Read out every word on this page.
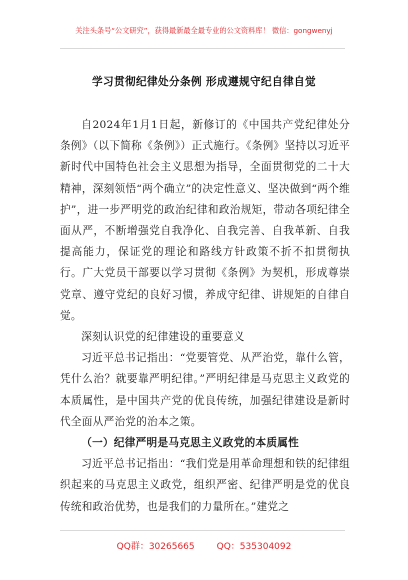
关注头条号“公文研究”，获得最新最全最专业的公文资料库！ 微信：gongwenyj
学习贯彻纪律处分条例 形成遵规守纪自律自觉

自2024年1月1日起，新修订的《中国共产党纪律处分条例》（以下简称《条例》）正式施行。《条例》坚持以习近平新时代中国特色社会主义思想为指导，全面贯彻党的二十大精神，深刻领悟“两个确立”的决定性意义、坚决做到“两个维护”，进一步严明党的政治纪律和政治规矩，带动各项纪律全面从严，不断增强党自我净化、自我完善、自我革新、自我提高能力，保证党的理论和路线方针政策不折不扣贯彻执行。广大党员干部要以学习贯彻《条例》为契机，形成尊崇党章、遵守党纪的良好习惯，养成守纪律、讲规矩的自律自觉。

深刻认识党的纪律建设的重要意义

习近平总书记指出：“党要管党、从严治党，靠什么管，凭什么治？就要靠严明纪律。”严明纪律是马克思主义政党的本质属性，是中国共产党的优良传统，加强纪律建设是新时代全面从严治党的治本之策。

（一）纪律严明是马克思主义政党的本质属性

习近平总书记指出：“我们党是用革命理想和铁的纪律组织起来的马克思主义政党，组织严密、纪律严明是党的优良传统和政治优势，也是我们的力量所在。”建党之

QQ群：30265665 QQ：535304092
